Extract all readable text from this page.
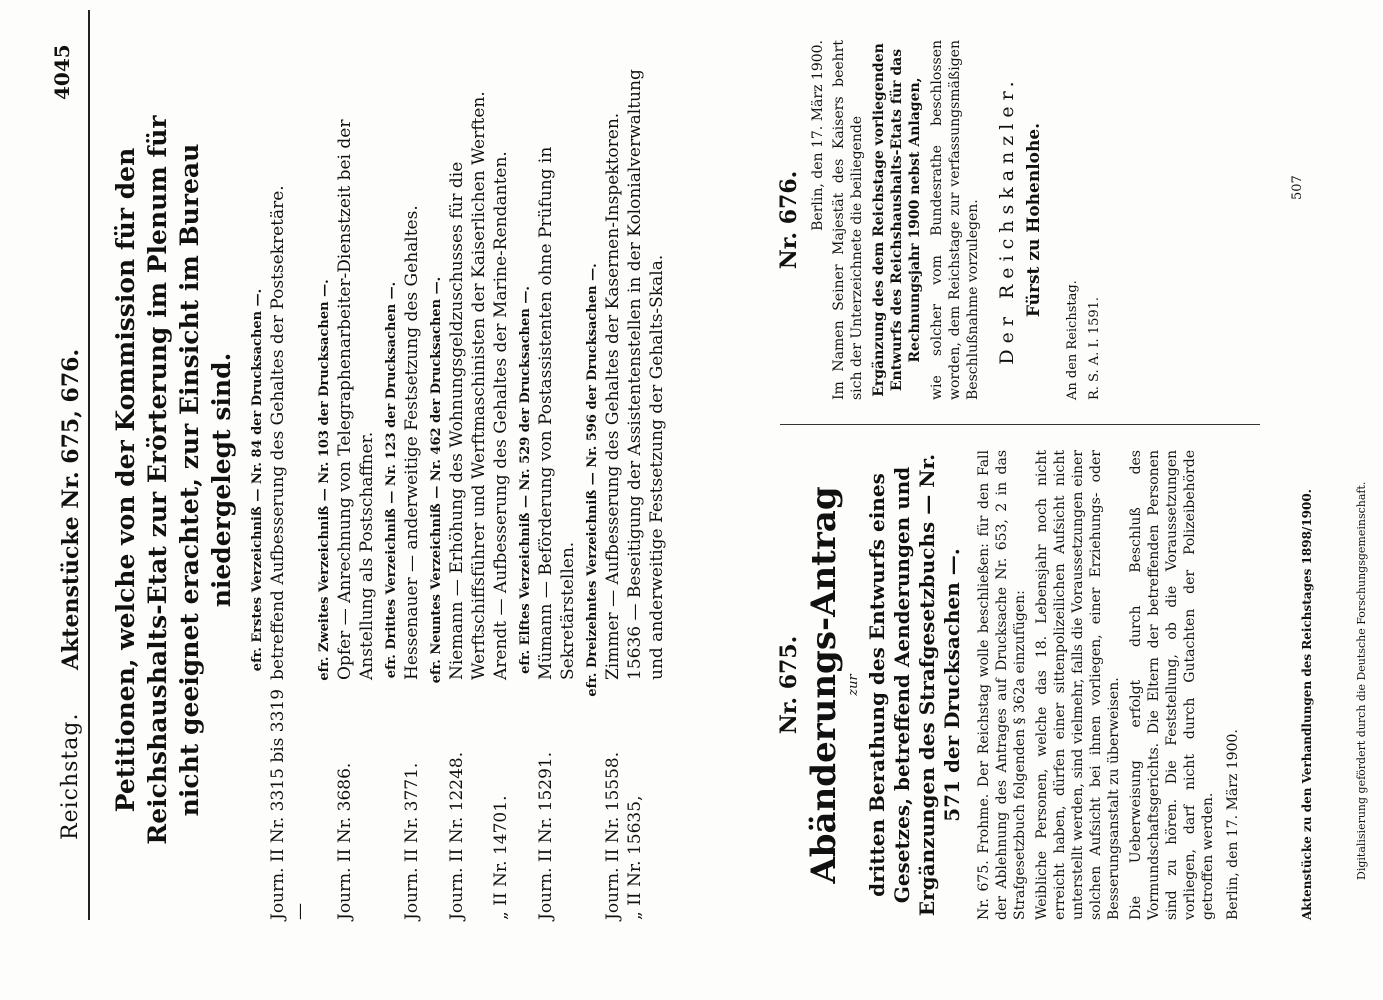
Reichstag.
Aktenstücke Nr. 675, 676.
4045
Petitionen, welche von der Kommission für den Reichshaushalts-Etat zur Erörterung im Plenum für nicht geeignet erachtet, zur Einsicht im Bureau niedergelegt sind. efr. Erstes Verzeichniß — Nr. 84 der Drucksachen —.
Journ. II Nr. 3315 bis 3319 —
betreffend Aufbesserung des Gehaltes der Postsekretäre.	efr. Zweites Verzeichniß — Nr. 103 der Drucksachen —.
Journ. II Nr. 3686.
Opfer — Anrechnung von Telegraphenarbeiter-Dienstzeit bei der Anstellung als Postschaffner. efr. Drittes Verzeichniß — Nr. 123 der Drucksachen —.
Journ. II Nr. 3771.
Hessenauer — anderweitige Festsetzung des Gehaltes. efr. Neuntes Verzeichniß — Nr. 462 der Drucksachen —.
Journ. II Nr. 12248.
Niemann — Erhöhung des Wohnungsgeldzuschusses für die Werftschiffsführer und Werftmaschinisten der Kaiserlichen Werften.
„ II Nr. 14701.
Arendt — Aufbesserung des Gehaltes der Marine-Rendanten. efr. Elftes Verzeichniß — Nr. 529 der Drucksachen —.
Journ. II Nr. 15291.
Mümann — Beförderung von Postassistenten ohne Prüfung in Sekretärstellen. efr. Dreizehntes Verzeichniß — Nr. 596 der Drucksachen —.
Journ. II Nr. 15558.
Zimmer — Aufbesserung des Gehaltes der Kasernen-Inspektoren.
„ II Nr. 15635,
15636 — Beseitigung der Assistentenstellen in der Kolonialverwaltung und anderweitige Festsetzung der Gehalts-Skala.
Nr. 675. Abänderungs-Antrag zur dritten Berathung des Entwurfs eines Gesetzes, betreffend Aenderungen und Ergänzungen des Strafgesetzbuchs — Nr. 571 der Drucksachen —. Nr. 675. Frohme. Der Reichstag wolle beschließen: für den Fall der Ablehnung des Antrages auf Drucksache Nr. 653, 2 in das Strafgesetzbuch folgenden § 362a einzufügen: Weibliche Personen, welche das 18. Lebensjahr noch nicht erreicht haben, dürfen einer sittenpolizeilichen Aufsicht nicht unterstellt werden, sind vielmehr, falls die Voraussetzungen einer solchen Aufsicht bei ihnen vorliegen, einer Erziehungs- oder Besserungsanstalt zu überweisen. Die Ueberweisung erfolgt durch Beschluß des Vormundschaftsgerichts. Die Eltern der betreffenden Personen sind zu hören. Die Feststellung, ob die Voraussetzungen vorliegen, darf nicht durch Gutachten der Polizeibehörde getroffen werden. Berlin, den 17. März 1900.
Nr. 676. Berlin, den 17. März 1900. Im Namen Seiner Majestät des Kaisers beehrt sich der Unterzeichnete die beiliegende Ergänzung des dem Reichstage vorliegenden Entwurfs des Reichshaushalts-Etats für das Rechnungsjahr 1900 nebst Anlagen, wie solcher vom Bundesrathe beschlossen worden, dem Reichstage zur verfassungsmäßigen Beschlußnahme vorzulegen. Der Reichskanzler. Fürst zu Hohenlohe.
An den Reichstag. R. S. A. I. 1591.
Aktenstücke zu den Verhandlungen des Reichstages 1898/1900.
507
Digitalisierung gefördert durch die Deutsche Forschungsgemeinschaft.
